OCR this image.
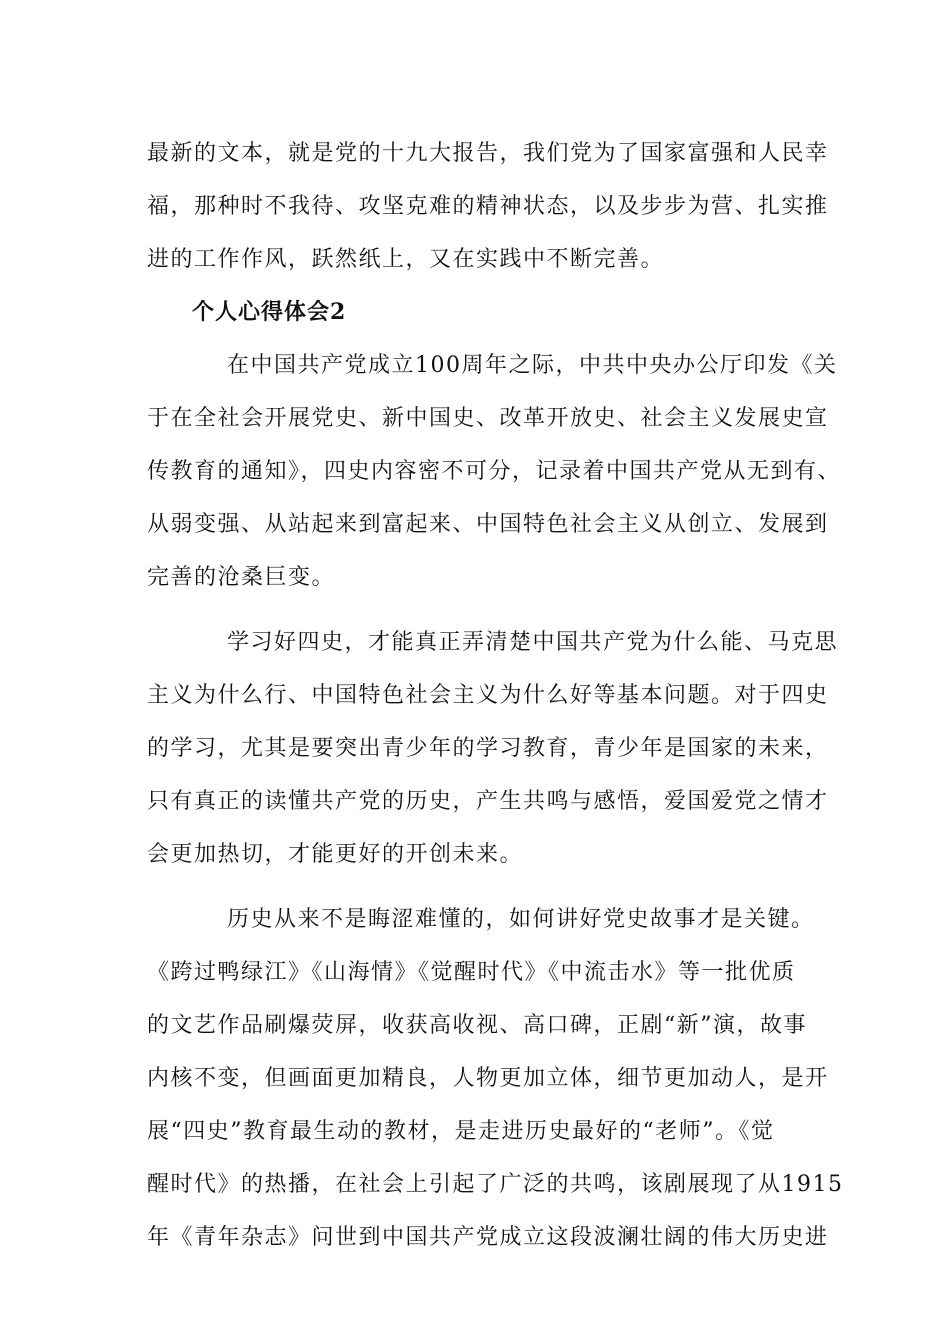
最新的文本，就是党的十九大报告，我们党为了国家富强和人民幸
福，那种时不我待、攻坚克难的精神状态，以及步步为营、扎实推
进的工作作风，跃然纸上，又在实践中不断完善。
个人心得体会2
在中国共产党成立100周年之际，中共中央办公厅印发《关
于在全社会开展党史、新中国史、改革开放史、社会主义发展史宣
传教育的通知》，四史内容密不可分，记录着中国共产党从无到有、
从弱变强、从站起来到富起来、中国特色社会主义从创立、发展到
完善的沧桑巨变。
学习好四史，才能真正弄清楚中国共产党为什么能、马克思
主义为什么行、中国特色社会主义为什么好等基本问题。对于四史
的学习，尤其是要突出青少年的学习教育，青少年是国家的未来，
只有真正的读懂共产党的历史，产生共鸣与感悟，爱国爱党之情才
会更加热切，才能更好的开创未来。
历史从来不是晦涩难懂的，如何讲好党史故事才是关键。
《跨过鸭绿江》《山海情》《觉醒时代》《中流击水》等一批优质
的文艺作品刷爆荧屏，收获高收视、高口碑，正剧“新”演，故事
内核不变，但画面更加精良，人物更加立体，细节更加动人，是开
展“四史”教育最生动的教材，是走进历史最好的“老师”。《觉
醒时代》的热播，在社会上引起了广泛的共鸣，该剧展现了从1915
年《青年杂志》问世到中国共产党成立这段波澜壮阔的伟大历史进
